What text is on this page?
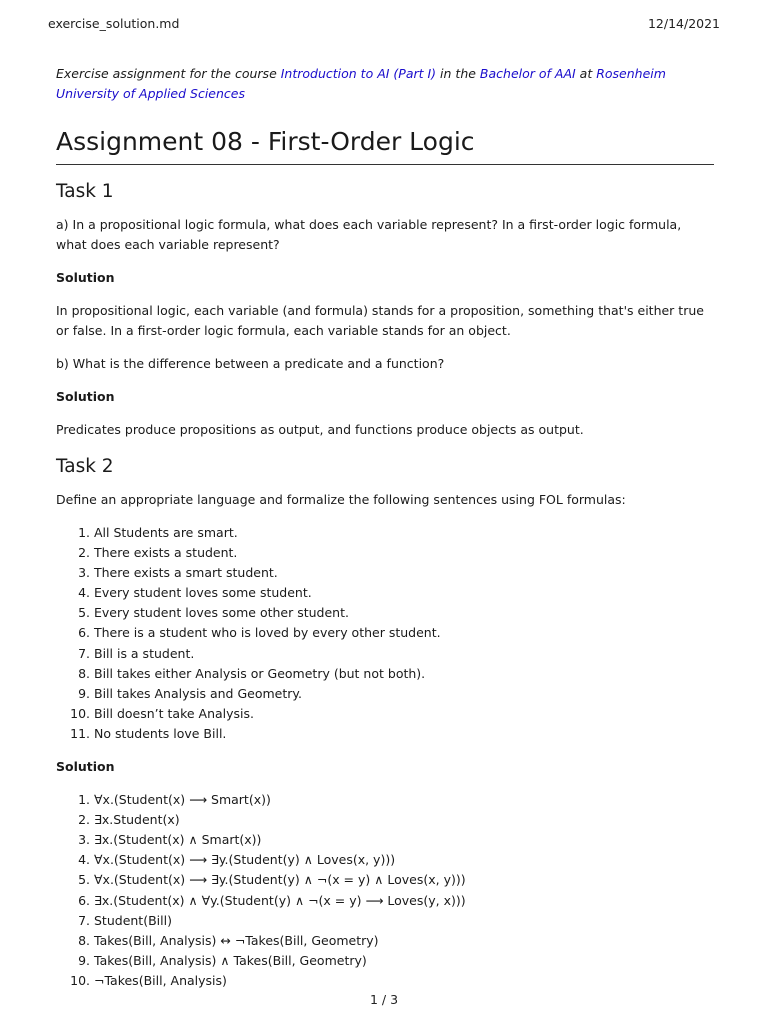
exercise_solution.md	12/14/2021

Exercise assignment for the course Introduction to AI (Part I) in the Bachelor of AAI at Rosenheim University of Applied Sciences

Assignment 08 - First-Order Logic
Task 1

a) In a propositional logic formula, what does each variable represent? In a first-order logic formula, what does each variable represent?

Solution

In propositional logic, each variable (and formula) stands for a proposition, something that's either true or false. In a first-order logic formula, each variable stands for an object.

b) What is the difference between a predicate and a function?

Solution

Predicates produce propositions as output, and functions produce objects as output.

Task 2

Define an appropriate language and formalize the following sentences using FOL formulas:

1. All Students are smart.
2. There exists a student.
3. There exists a smart student.
4. Every student loves some student.
5. Every student loves some other student.
6. There is a student who is loved by every other student.
7. Bill is a student.
8. Bill takes either Analysis or Geometry (but not both).
9. Bill takes Analysis and Geometry.
10. Bill doesn’t take Analysis.
11. No students love Bill.

Solution

1. ∀x.(Student(x) ⟶ Smart(x))
2. ∃x.Student(x)
3. ∃x.(Student(x) ∧ Smart(x))
4. ∀x.(Student(x) ⟶ ∃y.(Student(y) ∧ Loves(x, y)))
5. ∀x.(Student(x) ⟶ ∃y.(Student(y) ∧ ¬(x = y) ∧ Loves(x, y)))
6. ∃x.(Student(x) ∧ ∀y.(Student(y) ∧ ¬(x = y) ⟶ Loves(y, x)))
7. Student(Bill)
8. Takes(Bill, Analysis) ↔ ¬Takes(Bill, Geometry)
9. Takes(Bill, Analysis) ∧ Takes(Bill, Geometry)
10. ¬Takes(Bill, Analysis)
1 / 3
